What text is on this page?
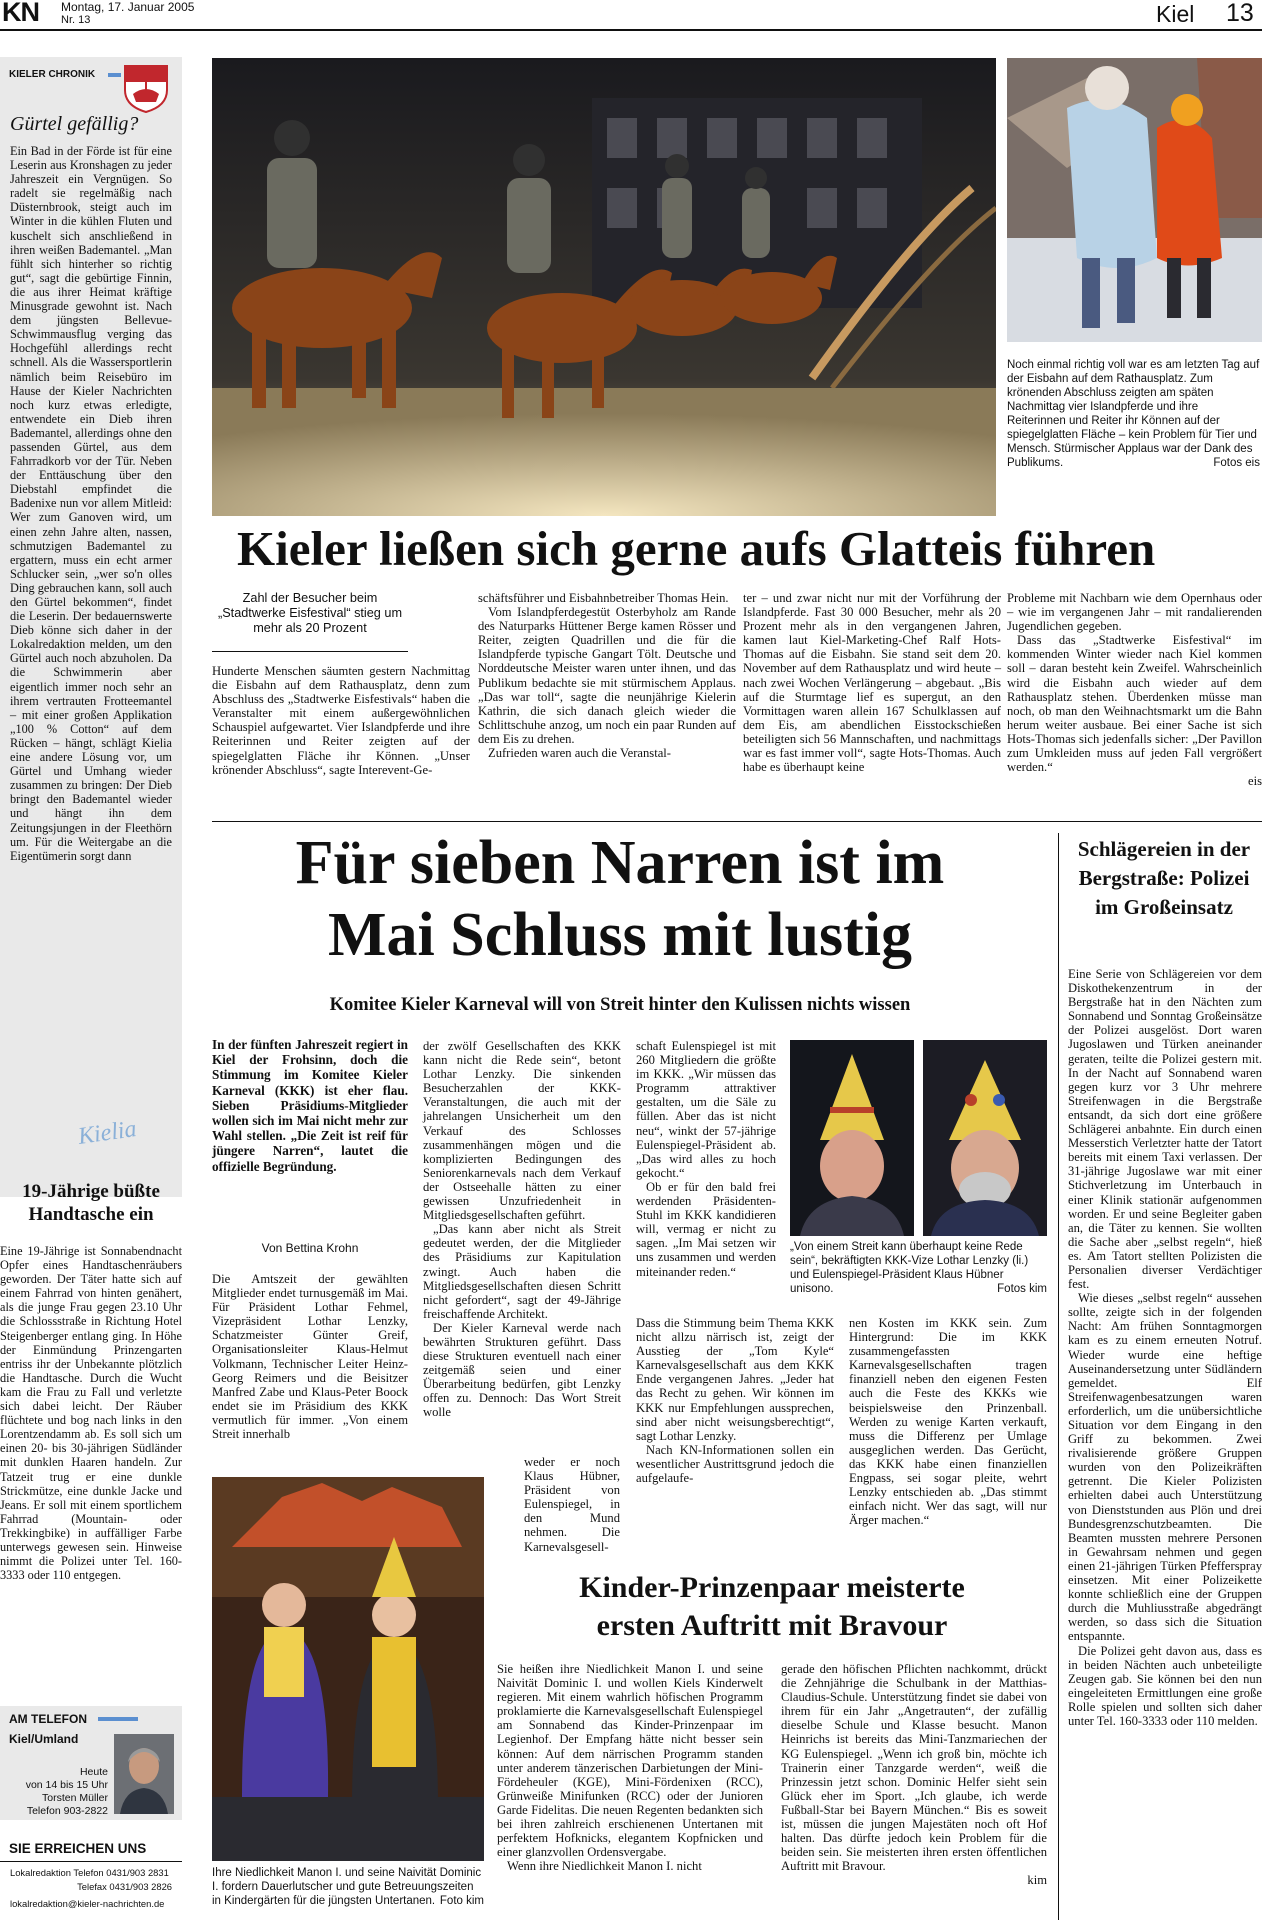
KN Montag, 17. Januar 2005
Nr. 13	Kiel 13
KIELER CHRONIK
Gürtel gefällig?
Ein Bad in der Förde ist für eine Leserin aus Kronshagen zu jeder Jahreszeit ein Vergnügen. So radelt sie regelmäßig nach Düsternbrook, steigt auch im Winter in die kühlen Fluten und kuschelt sich anschließend in ihren weißen Bademantel. „Man fühlt sich hinterher so richtig gut“, sagt die gebürtige Finnin, die aus ihrer Heimat kräftige Minusgrade gewohnt ist. Nach dem jüngsten Bellevue-Schwimmausflug verging das Hochgefühl allerdings recht schnell. Als die Wassersportlerin nämlich beim Reisebüro im Hause der Kieler Nachrichten noch kurz etwas erledigte, entwendete ein Dieb ihren Bademantel, allerdings ohne den passenden Gürtel, aus dem Fahrradkorb vor der Tür. Neben der Enttäuschung über den Diebstahl empfindet die Badenixe nun vor allem Mitleid: Wer zum Ganoven wird, um einen zehn Jahre alten, nassen, schmutzigen Bademantel zu ergattern, muss ein echt armer Schlucker sein, „wer so'n olles Ding gebrauchen kann, soll auch den Gürtel bekommen“, findet die Leserin. Der bedauernswerte Dieb könne sich daher in der Lokalredaktion melden, um den Gürtel auch noch abzuholen. Da die Schwimmerin aber eigentlich immer noch sehr an ihrem vertrauten Frotteemantel – mit einer großen Applikation „100 % Cotton“ auf dem Rücken – hängt, schlägt Kielia eine andere Lösung vor, um Gürtel und Umhang wieder zusammen zu bringen: Der Dieb bringt den Bademantel wieder und hängt ihn dem Zeitungsjungen in der Fleethörn um. Für die Weitergabe an die Eigentümerin sorgt dann
Kielia
19-Jährige büßte Handtasche ein
Eine 19-Jährige ist Sonnabendnacht Opfer eines Handtaschenräubers geworden. Der Täter hatte sich auf einem Fahrrad von hinten genähert, als die junge Frau gegen 23.10 Uhr die Schlossstraße in Richtung Hotel Steigenberger entlang ging. In Höhe der Einmündung Prinzengarten entriss ihr der Unbekannte plötzlich die Handtasche. Durch die Wucht kam die Frau zu Fall und verletzte sich dabei leicht. Der Räuber flüchtete und bog nach links in den Lorentzendamm ab. Es soll sich um einen 20- bis 30-jährigen Südländer mit dunklen Haaren handeln. Zur Tatzeit trug er eine dunkle Strickmütze, eine dunkle Jacke und Jeans. Er soll mit einem sportlichem Fahrrad (Mountain- oder Trekkingbike) in auffälliger Farbe unterwegs gewesen sein. Hinweise nimmt die Polizei unter Tel. 160-3333 oder 110 entgegen.
AM TELEFON
Kiel/Umland
Heute
von 14 bis 15 Uhr
Torsten Müller
Telefon 903-2822
SIE ERREICHEN UNS
Lokalredaktion Telefon 0431/903 2831
Telefax 0431/903 2826
lokalredaktion@kieler-nachrichten.de
Noch einmal richtig voll war es am letzten Tag auf der Eisbahn auf dem Rathausplatz. Zum krönenden Abschluss zeigten am späten Nachmittag vier Islandpferde und ihre Reiterinnen und Reiter ihr Können auf der spiegelglatten Fläche – kein Problem für Tier und Mensch. Stürmischer Applaus war der Dank des Publikums.	Fotos eis
Kieler ließen sich gerne aufs Glatteis führen
Zahl der Besucher beim „Stadtwerke Eisfestival“ stieg um mehr als 20 Prozent
Hunderte Menschen säumten gestern Nachmittag die Eisbahn auf dem Rathausplatz, denn zum Abschluss des „Stadtwerke Eisfestivals“ haben die Veranstalter mit einem außergewöhnlichen Schauspiel aufgewartet. Vier Islandpferde und ihre Reiterinnen und Reiter zeigten auf der spiegelglatten Fläche ihr Können. „Unser krönender Abschluss“, sagte Interevent-Ge-

schäftsführer und Eisbahnbetreiber Thomas Hein.

Vom Islandpferdegestüt Osterbyholz am Rande des Naturparks Hüttener Berge kamen Rösser und Reiter, zeigten Quadrillen und die für die Islandpferde typische Gangart Tölt. Deutsche und Norddeutsche Meister waren unter ihnen, und das Publikum bedachte sie mit stürmischem Applaus. „Das war toll“, sagte die neunjährige Kielerin Kathrin, die sich danach gleich wieder die Schlittschuhe anzog, um noch ein paar Runden auf dem Eis zu drehen.

Zufrieden waren auch die Veranstal-

ter – und zwar nicht nur mit der Vorführung der Islandpferde. Fast 30 000 Besucher, mehr als 20 Prozent mehr als in den vergangenen Jahren, kamen laut Kiel-Marketing-Chef Ralf Hots-Thomas auf die Eisbahn. Sie stand seit dem 20. November auf dem Rathausplatz und wird heute – nach zwei Wochen Verlängerung – abgebaut. „Bis auf die Sturmtage lief es supergut, an den Vormittagen waren allein 167 Schulklassen auf dem Eis, am abendlichen Eisstockschießen beteiligten sich 56 Mannschaften, und nachmittags war es fast immer voll“, sagte Hots-Thomas. Auch habe es überhaupt keine

Probleme mit Nachbarn wie dem Opernhaus oder – wie im vergangenen Jahr – mit randalierenden Jugendlichen gegeben.

Dass das „Stadtwerke Eisfestival“ im kommenden Winter wieder nach Kiel kommen soll – daran besteht kein Zweifel. Wahrscheinlich wird die Eisbahn auch wieder auf dem Rathausplatz stehen. Überdenken müsse man noch, ob man den Weihnachtsmarkt um die Bahn herum weiter ausbaue. Bei einer Sache ist sich Hots-Thomas sich jedenfalls sicher: „Der Pavillon zum Umkleiden muss auf jeden Fall vergrößert werden.“

eis
Für sieben Narren ist im
Mai Schluss mit lustig
Komitee Kieler Karneval will von Streit hinter den Kulissen nichts wissen
In der fünften Jahreszeit regiert in Kiel der Frohsinn, doch die Stimmung im Komitee Kieler Karneval (KKK) ist eher flau. Sieben Präsidiums-Mitglieder wollen sich im Mai nicht mehr zur Wahl stellen. „Die Zeit ist reif für jüngere Narren“, lautet die offizielle Begründung.
Von Bettina Krohn
Die Amtszeit der gewählten Mitglieder endet turnusgemäß im Mai. Für Präsident Lothar Fehmel, Vizepräsident Lothar Lenzky, Schatzmeister Günter Greif, Organisationsleiter Klaus-Helmut Volkmann, Technischer Leiter Heinz-Georg Reimers und die Beisitzer Manfred Zabe und Klaus-Peter Boock endet sie im Präsidium des KKK vermutlich für immer. „Von einem Streit innerhalb

der zwölf Gesellschaften des KKK kann nicht die Rede sein“, betont Lothar Lenzky. Die sinkenden Besucherzahlen der KKK-Veranstaltungen, die auch mit der jahrelangen Unsicherheit um den Verkauf des Schlosses zusammenhängen mögen und die komplizierten Bedingungen des Seniorenkarnevals nach dem Verkauf der Ostseehalle hätten zu einer gewissen Unzufriedenheit in Mitgliedsgesellschaften geführt.

„Das kann aber nicht als Streit gedeutet werden, der die Mitglieder des Präsidiums zur Kapitulation zwingt. Auch haben die Mitgliedsgesellschaften diesen Schritt nicht gefordert“, sagt der 49-Jährige freischaffende Architekt.

Der Kieler Karneval werde nach bewährten Strukturen geführt. Dass diese Strukturen eventuell nach einer zeitgemäß seien und einer Überarbeitung bedürfen, gibt Lenzky offen zu. Dennoch: Das Wort Streit wolle

schaft Eulenspiegel ist mit 260 Mitgliedern die größte im KKK. „Wir müssen das Programm attraktiver gestalten, um die Säle zu füllen. Aber das ist nicht neu“, winkt der 57-jährige Eulenspiegel-Präsident ab. „Das wird alles zu hoch gekocht.“

Ob er für den bald frei werdenden Präsidenten-Stuhl im KKK kandidieren will, vermag er nicht zu sagen. „Im Mai setzen wir uns zusammen und werden miteinander reden.“

Dass die Stimmung beim Thema KKK nicht allzu närrisch ist, zeigt der Ausstieg der „Tom Kyle“ Karnevalsgesellschaft aus dem KKK Ende vergangenen Jahres. „Jeder hat das Recht zu gehen. Wir können im KKK nur Empfehlungen aussprechen, sind aber nicht weisungsberechtigt“, sagt Lothar Lenzky.

Nach KN-Informationen sollen ein wesentlicher Austrittsgrund jedoch die aufgelaufe-

weder er noch Klaus Hübner, Präsident von Eulenspiegel, in den Mund nehmen. Die Karnevalsgesell-
nen Kosten im KKK sein. Zum Hintergrund: Die im KKK zusammengefassten Karnevalsgesellschaften tragen finanziell neben den eigenen Festen auch die Feste des KKKs wie beispielsweise den Prinzenball. Werden zu wenige Karten verkauft, muss die Differenz per Umlage ausgeglichen werden. Das Gerücht, das KKK habe einen finanziellen Engpass, sei sogar pleite, wehrt Lenzky entschieden ab. „Das stimmt einfach nicht. Wer das sagt, will nur Ärger machen.“
„Von einem Streit kann überhaupt keine Rede sein“, bekräftigten KKK-Vize Lothar Lenzky (li.) und Eulenspiegel-Präsident Klaus Hübner unisono.	Fotos kim
Ihre Niedlichkeit Manon I. und seine Naivität Dominic I. fordern Dauerlutscher und gute Betreuungszeiten in Kindergärten für die jüngsten Untertanen. Foto kim
Kinder-Prinzenpaar meisterte
ersten Auftritt mit Bravour

Sie heißen ihre Niedlichkeit Manon I. und seine Naivität Dominic I. und wollen Kiels Kinderwelt regieren. Mit einem wahrlich höfischen Programm proklamierte die Karnevalsgesellschaft Eulenspiegel am Sonnabend das Kinder-Prinzenpaar im Legienhof. Der Empfang hätte nicht besser sein können: Auf dem närrischen Programm standen unter anderem tänzerischen Darbietungen der Mini-Fördeheuler (KGE), Mini-Fördenixen (RCC), Grünweiße Minifunken (RCC) oder der Junioren Garde Fidelitas. Die neuen Regenten bedankten sich bei ihren zahlreich erschienenen Untertanen mit perfektem Hofknicks, elegantem Kopfnicken und einer glanzvollen Ordensvergabe.

Wenn ihre Niedlichkeit Manon I. nicht

gerade den höfischen Pflichten nachkommt, drückt die Zehnjährige die Schulbank in der Matthias-Claudius-Schule. Unterstützung findet sie dabei von ihrem für ein Jahr „Angetrauten“, der zufällig dieselbe Schule und Klasse besucht. Manon Heinrichs ist bereits das Mini-Tanzmariechen der KG Eulenspiegel. „Wenn ich groß bin, möchte ich Trainerin einer Tanzgarde werden“, weiß die Prinzessin jetzt schon. Dominic Helfer sieht sein Glück eher im Sport. „Ich glaube, ich werde Fußball-Star bei Bayern München.“ Bis es soweit ist, müssen die jungen Majestäten noch oft Hof halten. Das dürfte jedoch kein Problem für die beiden sein. Sie meisterten ihren ersten öffentlichen Auftritt mit Bravour.

kim
Schlägereien in der Bergstraße: Polizei im Großeinsatz

Eine Serie von Schlägereien vor dem Diskothekenzentrum in der Bergstraße hat in den Nächten zum Sonnabend und Sonntag Großeinsätze der Polizei ausgelöst. Dort waren Jugoslawen und Türken aneinander geraten, teilte die Polizei gestern mit. In der Nacht auf Sonnabend waren gegen kurz vor 3 Uhr mehrere Streifenwagen in die Bergstraße entsandt, da sich dort eine größere Schlägerei anbahnte. Ein durch einen Messerstich Verletzter hatte der Tatort bereits mit einem Taxi verlassen. Der 31-jährige Jugoslawe war mit einer Stichverletzung im Unterbauch in einer Klinik stationär aufgenommen worden. Er und seine Begleiter gaben an, die Täter zu kennen. Sie wollten die Sache aber „selbst regeln“, hieß es. Am Tatort stellten Polizisten die Personalien diverser Verdächtiger fest.

Wie dieses „selbst regeln“ aussehen sollte, zeigte sich in der folgenden Nacht: Am frühen Sonntagmorgen kam es zu einem erneuten Notruf. Wieder wurde eine heftige Auseinandersetzung unter Südländern gemeldet. Elf Streifenwagenbesatzungen waren erforderlich, um die unübersichtliche Situation vor dem Eingang in den Griff zu bekommen. Zwei rivalisierende größere Gruppen wurden von den Polizeikräften getrennt. Die Kieler Polizisten erhielten dabei auch Unterstützung von Dienststunden aus Plön und drei Bundesgrenzschutzbeamten. Die Beamten mussten mehrere Personen in Gewahrsam nehmen und gegen einen 21-jährigen Türken Pfefferspray einsetzen. Mit einer Polizeikette konnte schließlich eine der Gruppen durch die Muhliusstraße abgedrängt werden, so dass sich die Situation entspannte.

Die Polizei geht davon aus, dass es in beiden Nächten auch unbeteiligte Zeugen gab. Sie können bei den nun eingeleiteten Ermittlungen eine große Rolle spielen und sollten sich daher unter Tel. 160-3333 oder 110 melden.
